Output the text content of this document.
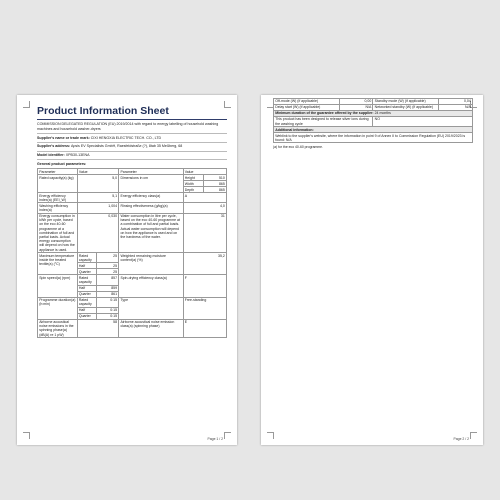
Product Information Sheet

COMMISSION DELEGATED REGULATION (EU) 2019/2014 with regard to energy labelling of household washing machines and household washer-dryers

Supplier's name or trade mark: CIXI HENGXIA ELECTRIC TECH. CO., LTD

Supplier's address: Apsis EV Specialists GmbH, Raesfeldstraße (?), 8tab 35 Meßberg, 68

Model identifier: XPB30-13ENA

General product parameters:

Parameter	Value		Parameter	Value	
Rated capacity(a) (kg)	5,0		Dimensions in cm	Height	510
				Width	865
				Depth	865
Energy efficiency index(a) (EEI_W)	5,1		Energy efficiency class(a)	A	
Washing efficiency index(a)	1,004		Rinsing effectiveness (g/kg)(a)	4,0	
Energy consumption in kWh per cycle, based on the eco 40-60 programme at a combination of full and partial loads. Actual energy consumption will depend on how the appliance is used.	0,030		Water consumption in litre per cycle, based on the eco 40-60 programme at a combination of full and partial loads. Actual water consumption will depend on how the appliance is used and on the hardness of the water.	31	
Maximum temperature inside the treated textile(a) (°C)	Rated capacity	25	Weighted remaining moisture content(a) (%)	35,2	
	Half	25			
	Quarter	25			
Spin speed(a) (rpm)	Rated capacity	857	Spin-drying efficiency class(a)	F	
	Half	859			
	Quarter	861			
Programme duration(a) (h:min)	Rated capacity	0:15	Type	Free-standing	
	Half	0:15			
	Quarter	0:15			
Airborne acoustical noise emissions in the spinning phase(a) (dB(A) re 1 pW)	58		Airborne acoustical noise emission class(a) (spinning phase)	E	
Page 1 / 2
Off-mode (W) (if applicable)	0,00	Standby mode (W) (if applicable)	0,04
Delay start (W) (if applicable)	N/A	Networked standby (W) (if applicable)	N/A
Minimum duration of the guarantee offered by the supplier: 24 months			
This product has been designed to release silver ions during the washing cycle		NO	
Additional information:			
Weblink to the supplier's website, where the information in point 9 of Annex II to Commission Regulation (EU) 2019/2023 is found: N/A			
(a) for the eco 40-60 programme.
Page 2 / 2
